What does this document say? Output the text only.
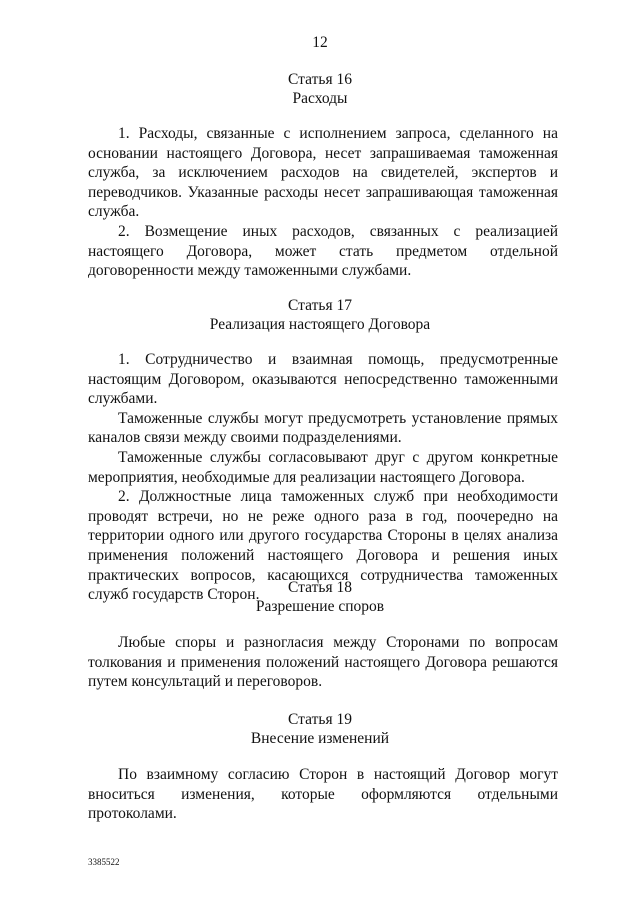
12
Статья 16
Расходы

1. Расходы, связанные с исполнением запроса, сделанного на основании настоящего Договора, несет запрашиваемая таможенная служба, за исключением расходов на свидетелей, экспертов и переводчиков. Указанные расходы несет запрашивающая таможенная служба.

2. Возмещение иных расходов, связанных с реализацией настоящего Договора, может стать предметом отдельной договоренности между таможенными службами.

Статья 17
Реализация настоящего Договора

1. Сотрудничество и взаимная помощь, предусмотренные настоящим Договором, оказываются непосредственно таможенными службами.

Таможенные службы могут предусмотреть установление прямых каналов связи между своими подразделениями.

Таможенные службы согласовывают друг с другом конкретные мероприятия, необходимые для реализации настоящего Договора.

2. Должностные лица таможенных служб при необходимости проводят встречи, но не реже одного раза в год, поочередно на территории одного или другого государства Стороны в целях анализа применения положений настоящего Договора и решения иных практических вопросов, касающихся сотрудничества таможенных служб государств Сторон.	Статья 18
Разрешение споров

Любые споры и разногласия между Сторонами по вопросам толкования и применения положений настоящего Договора решаются путем консультаций и переговоров.

Статья 19
Внесение изменений

По взаимному согласию Сторон в настоящий Договор могут вноситься изменения, которые оформляются отдельными протоколами.

3385522
